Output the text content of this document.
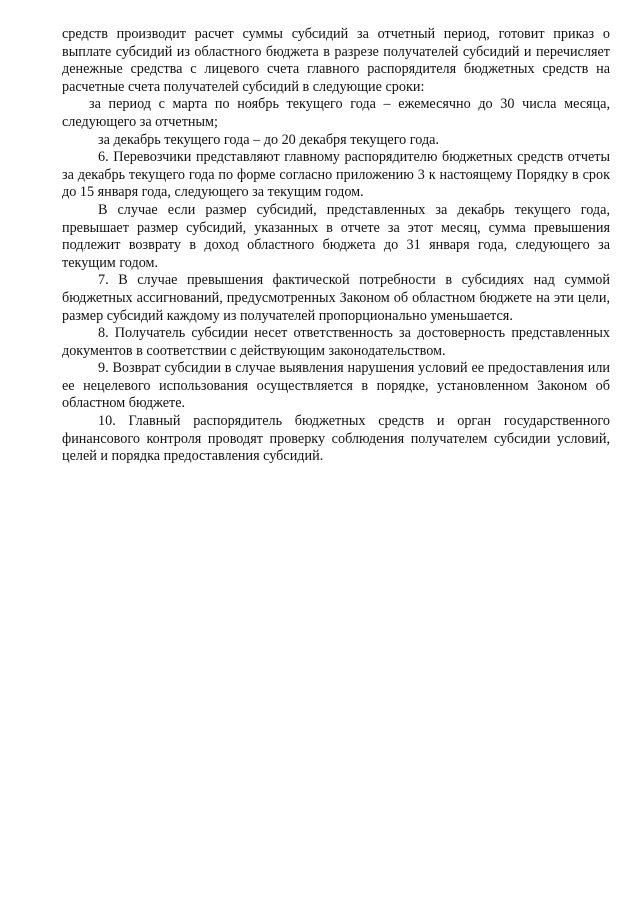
средств производит расчет суммы субсидий за отчетный период, готовит приказ о выплате субсидий из областного бюджета в разрезе получателей субсидий и перечисляет денежные средства с лицевого счета главного распорядителя бюджетных средств на расчетные счета получателей субсидий в следующие сроки:

за период с марта по ноябрь текущего года – ежемесячно до 30 числа месяца, следующего за отчетным;

за декабрь текущего года – до 20 декабря текущего года.

6. Перевозчики представляют главному распорядителю бюджетных средств отчеты за декабрь текущего года по форме согласно приложению 3 к настоящему Порядку в срок до 15 января года, следующего за текущим годом.

В случае если размер субсидий, представленных за декабрь текущего года, превышает размер субсидий, указанных в отчете за этот месяц, сумма превышения подлежит возврату в доход областного бюджета до 31 января года, следующего за текущим годом.

7. В случае превышения фактической потребности в субсидиях над суммой бюджетных ассигнований, предусмотренных Законом об областном бюджете на эти цели, размер субсидий каждому из получателей пропорционально уменьшается.

8. Получатель субсидии несет ответственность за достоверность представленных документов в соответствии с действующим законодательством.

9. Возврат субсидии в случае выявления нарушения условий ее предоставления или ее нецелевого использования осуществляется в порядке, установленном Законом об областном бюджете.

10. Главный распорядитель бюджетных средств и орган государственного финансового контроля проводят проверку соблюдения получателем субсидии условий, целей и порядка предоставления субсидий.
